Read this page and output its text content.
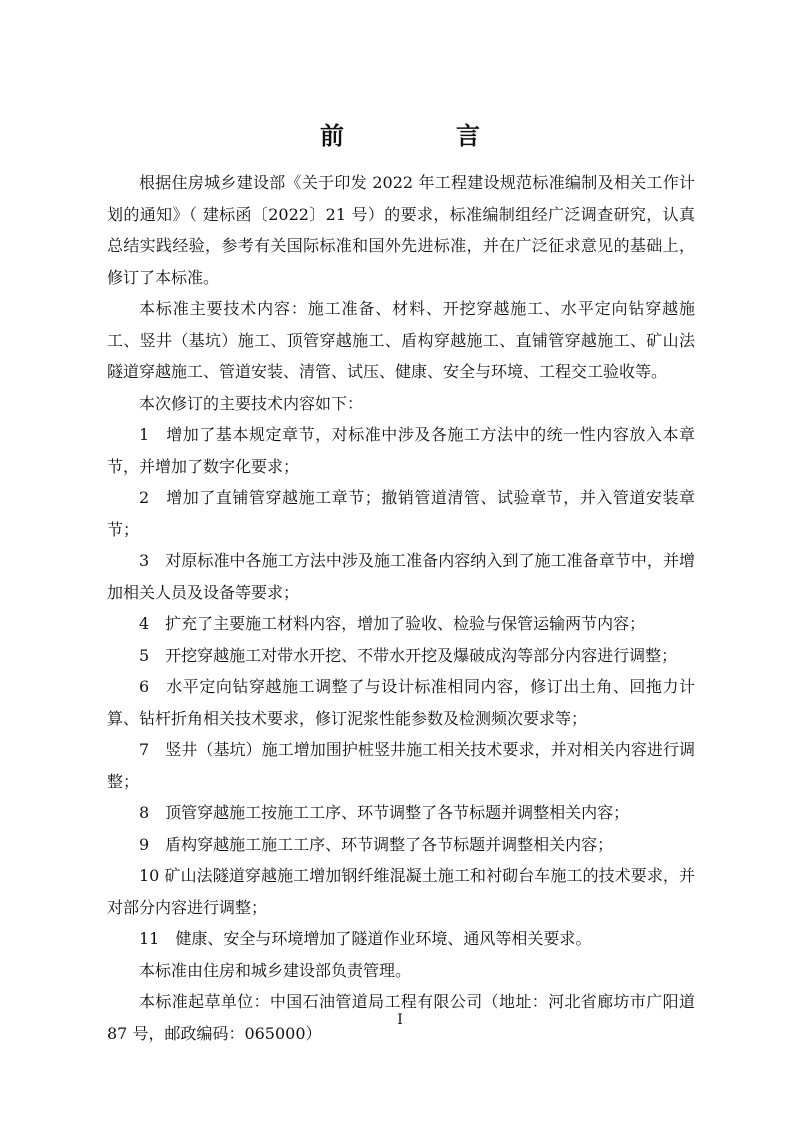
前　言

根据住房城乡建设部《关于印发 2022 年工程建设规范标准编制及相关工作计划的通知》（ 建标函〔2022〕21 号）的要求，标准编制组经广泛调查研究，认真总结实践经验，参考有关国际标准和国外先进标准，并在广泛征求意见的基础上，修订了本标准。

本标准主要技术内容：施工准备、材料、开挖穿越施工、水平定向钻穿越施工、竖井（基坑）施工、顶管穿越施工、盾构穿越施工、直铺管穿越施工、矿山法隧道穿越施工、管道安装、清管、试压、健康、安全与环境、工程交工验收等。

本次修订的主要技术内容如下：

1　增加了基本规定章节，对标准中涉及各施工方法中的统一性内容放入本章节，并增加了数字化要求；

2　增加了直铺管穿越施工章节；撤销管道清管、试验章节，并入管道安装章节；

3　对原标准中各施工方法中涉及施工准备内容纳入到了施工准备章节中，并增加相关人员及设备等要求；

4　扩充了主要施工材料内容，增加了验收、检验与保管运输两节内容；

5　开挖穿越施工对带水开挖、不带水开挖及爆破成沟等部分内容进行调整；

6　水平定向钻穿越施工调整了与设计标准相同内容，修订出土角、回拖力计算、钻杆折角相关技术要求，修订泥浆性能参数及检测频次要求等；

7　竖井（基坑）施工增加围护桩竖井施工相关技术要求，并对相关内容进行调整；

8　顶管穿越施工按施工工序、环节调整了各节标题并调整相关内容；

9　盾构穿越施工施工工序、环节调整了各节标题并调整相关内容；

10 矿山法隧道穿越施工增加钢纤维混凝土施工和衬砌台车施工的技术要求，并对部分内容进行调整；

11　健康、安全与环境增加了隧道作业环境、通风等相关要求。

本标准由住房和城乡建设部负责管理。

本标准起草单位：中国石油管道局工程有限公司（地址：河北省廊坊市广阳道 87 号，邮政编码：065000）

I
